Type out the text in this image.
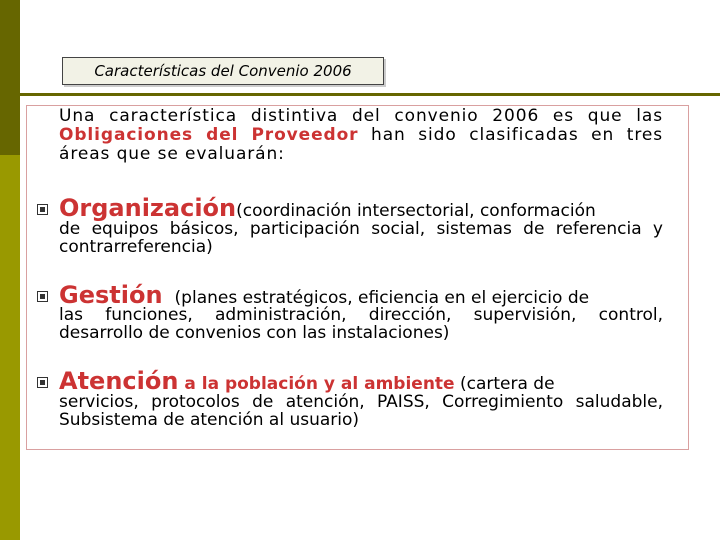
Características del Convenio 2006
Una característica distintiva del convenio 2006 es que las Obligaciones del Proveedor han sido clasificadas en tres áreas que se evaluarán:
Organización(coordinación intersectorial, conformación
de equipos básicos, participación social, sistemas de referencia y contrarreferencia)
Gestión (planes estratégicos, eficiencia en el ejercicio de
las funciones, administración, dirección, supervisión, control, desarrollo de convenios con las instalaciones)
Atención a la población y al ambiente (cartera de
servicios, protocolos de atención, PAISS, Corregimiento saludable, Subsistema de atención al usuario)
